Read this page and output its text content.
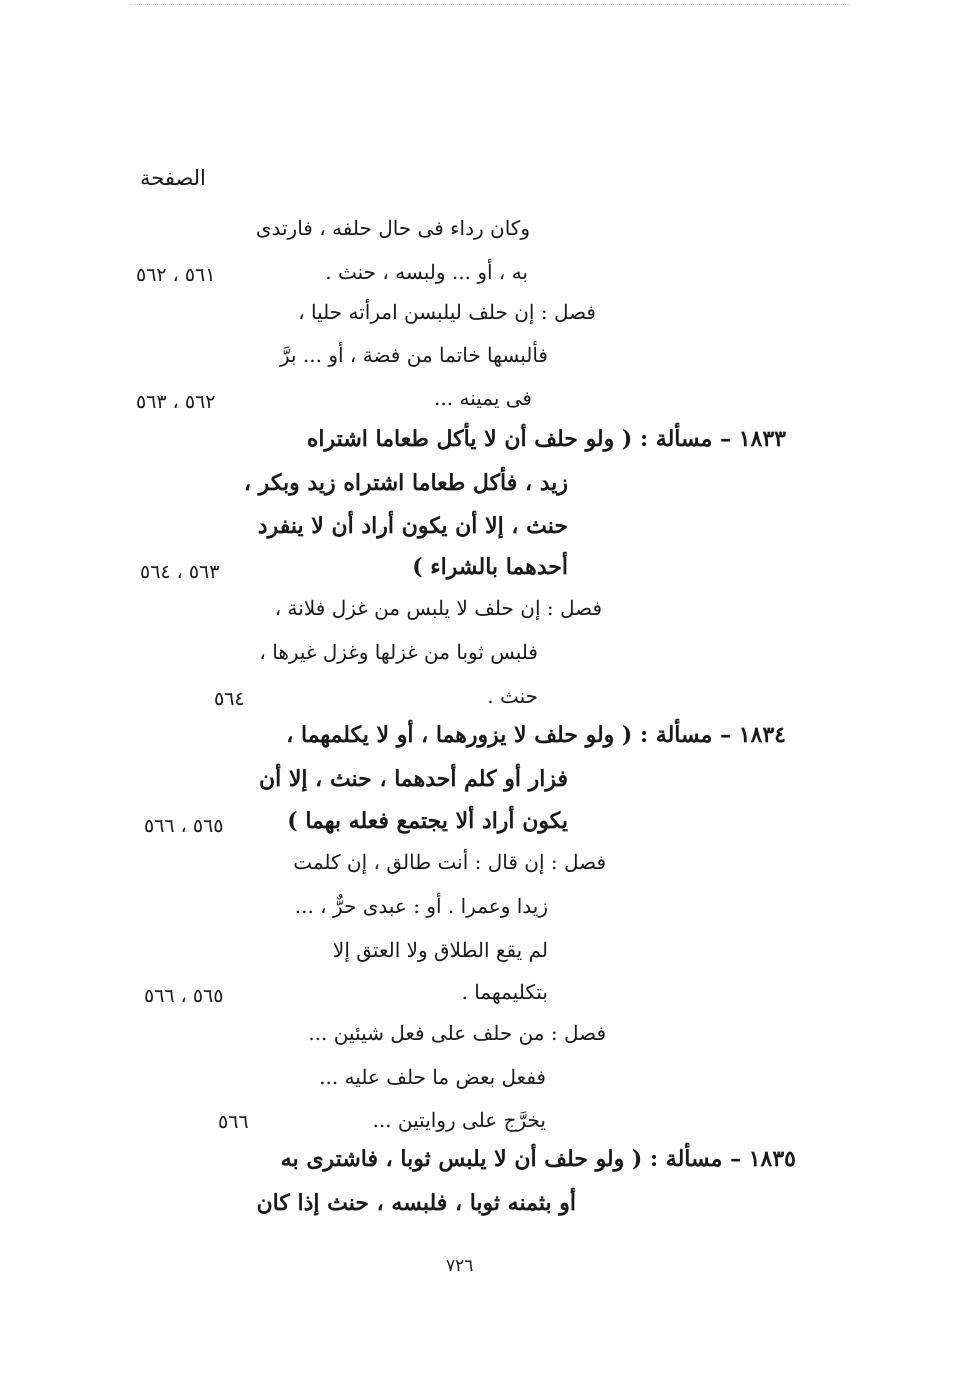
الصفحة
وكان رداء فى حال حلفه ، فارتدى
به ، أو ... ولبسه ، حنث .
فصل : إن حلف ليلبسن امرأته حليا ،
فألبسها خاتما من فضة ، أو ... برَّ
فى يمينه ...
١٨٣٣ – مسألة : ( ولو حلف أن لا يأكل طعاما اشتراه
زيد ، فأكل طعاما اشتراه زيد وبكر ،
حنث ، إلا أن يكون أراد أن لا ينفرد
أحدهما بالشراء )
فصل : إن حلف لا يلبس من غزل فلانة ،
فلبس ثوبا من غزلها وغزل غيرها ،
حنث .
١٨٣٤ – مسألة : ( ولو حلف لا يزورهما ، أو لا يكلمهما ،
فزار أو كلم أحدهما ، حنث ، إلا أن
يكون أراد ألا يجتمع فعله بهما )
فصل : إن قال : أنت طالق ، إن كلمت
زيدا وعمرا . أو : عبدى حرٌّ ، ...
لم يقع الطلاق ولا العتق إلا
بتكليمهما .
فصل : من حلف على فعل شيئين ...
ففعل بعض ما حلف عليه ...
يخرَّج على روايتين ...
١٨٣٥ – مسألة : ( ولو حلف أن لا يلبس ثوبا ، فاشترى به
أو بثمنه ثوبا ، فلبسه ، حنث إذا كان
٥٦١ ، ٥٦٢
٥٦٢ ، ٥٦٣
٥٦٣ ، ٥٦٤
٥٦٤
٥٦٥ ، ٥٦٦
٥٦٥ ، ٥٦٦
٥٦٦
٧٢٦
